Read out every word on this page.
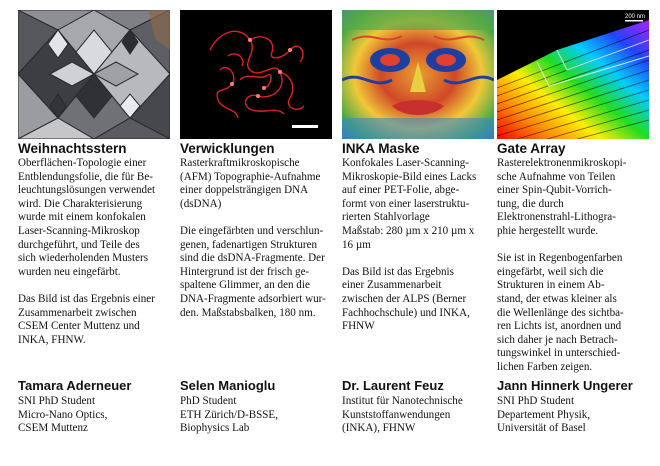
Weihnachtsstern

Oberflächen-Topologie einer
Entblendungsfolie, die für Be-
leuchtungslösungen verwendet
wird. Die Charakterisierung
wurde mit einem konfokalen
Laser-Scanning-Mikroskop
durchgeführt, und Teile des
sich wiederholenden Musters
wurden neu eingefärbt.

Das Bild ist das Ergebnis einer
Zusammenarbeit zwischen
CSEM Center Muttenz und
INKA, FHNW.

Tamara Aderneuer
SNI PhD Student
Micro-Nano Optics,
CSEM Muttenz
Verwicklungen

Rasterkraftmikroskopische
(AFM) Topographie-Aufnahme
einer doppelsträngigen DNA
(dsDNA)

Die eingefärbten und verschlun-
genen, fadenartigen Strukturen
sind die dsDNA-Fragmente. Der
Hintergrund ist der frisch ge-
spaltene Glimmer, an den die
DNA-Fragmente adsorbiert wur-
den. Maßstabsbalken, 180 nm.

Selen Manioglu
PhD Student
ETH Zürich/D-BSSE,
Biophysics Lab
INKA Maske

Konfokales Laser-Scanning-
Mikroskopie-Bild eines Lacks
auf einer PET-Folie, abge-
formt von einer laserstruktu-
rierten Stahlvorlage
Maßstab: 280 µm x 210 µm x
16 µm

Das Bild ist das Ergebnis
einer Zusammenarbeit
zwischen der ALPS (Berner
Fachhochschule) und INKA,
FHNW

Dr. Laurent Feuz
Institut für Nanotechnische
Kunststoffanwendungen
(INKA), FHNW
200 nm
Gate Array

Rasterelektronenmikroskopi-
sche Aufnahme von Teilen
einer Spin-Qubit-Vorrich-
tung, die durch
Elektronenstrahl-Lithogra-
phie hergestellt wurde.

Sie ist in Regenbogenfarben
eingefärbt, weil sich die
Strukturen in einem Ab-
stand, der etwas kleiner als
die Wellenlänge des sichtba-
ren Lichts ist, anordnen und
sich daher je nach Betrach-
tungswinkel in unterschied-
lichen Farben zeigen.

Jann Hinnerk Ungerer
SNI PhD Student
Departement Physik,
Universität of Basel
